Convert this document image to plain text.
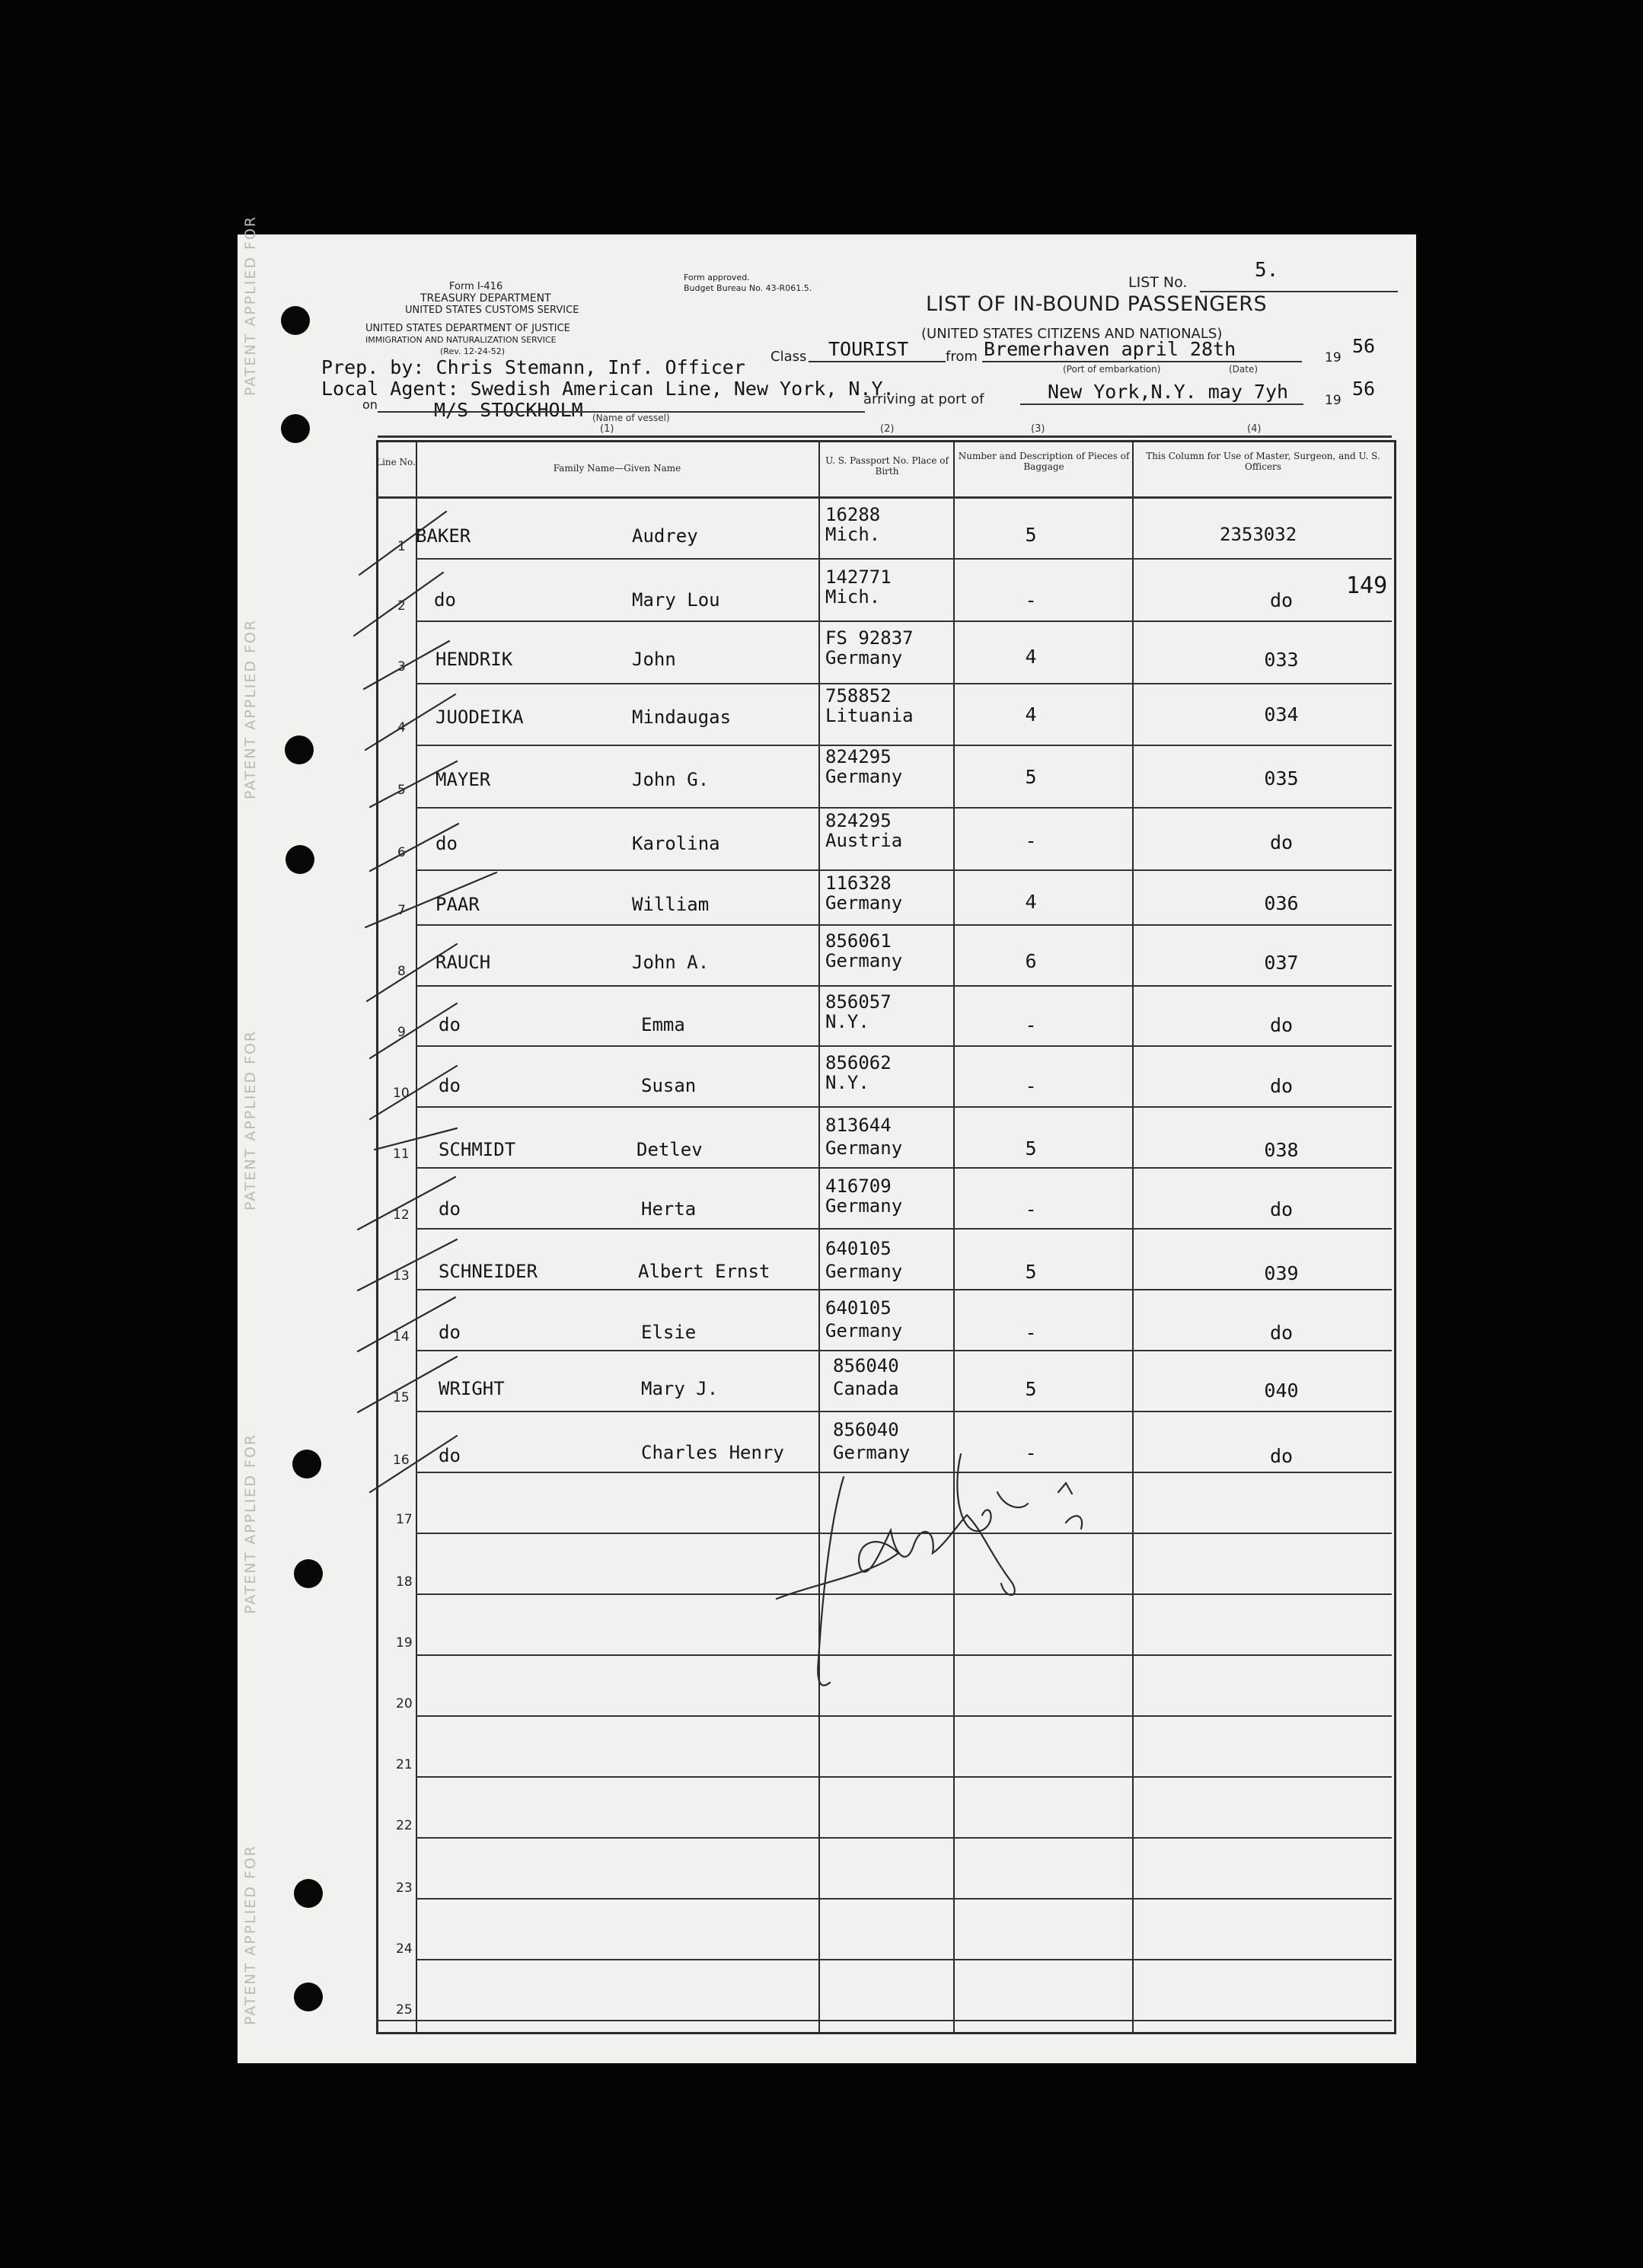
PATENT APPLIED FOR
PATENT APPLIED FOR
PATENT APPLIED FOR
PATENT APPLIED FOR
PATENT APPLIED FOR
Form I-416
TREASURY DEPARTMENT
UNITED STATES CUSTOMS SERVICE
UNITED STATES DEPARTMENT OF JUSTICE
IMMIGRATION AND NATURALIZATION SERVICE
(Rev. 12-24-52)
Form approved.
Budget Bureau No. 43-R061.5.	LIST No.
5.
LIST OF IN-BOUND PASSENGERS
(UNITED STATES CITIZENS AND NATIONALS)
Prep. by: Chris Stemann, Inf. Officer Class TOURIST	from Bremerhaven april 28th	19
56
(Port of embarkation)	(Date)
Local Agent: Swedish American Line, New York, N.Y.
arriving at port of	New York,N.Y. may 7yh	19
56
on	M/S STOCKHOLM (Name of vessel)
(1)	(2)	(3)	(4)
Line No.
Family Name—Given Name
U. S. Passport No. Place of Birth
Number and Description of Pieces of Baggage
This Column for Use of Master, Surgeon, and U. S. Officers
1 BAKER	Audrey
16288
Mich.	5	2353032
2 do	Mary Lou
142771
Mich.	-	do
149
3 HENDRIK	John
FS 92837
Germany	4	033
4 JUODEIKA	Mindaugas
758852
Lituania	4	034
5 MAYER	John G.
824295
Germany	5	035
6 do	Karolina
824295
Austria	-	do
7 PAAR	William
116328
Germany	4	036
8 RAUCH	John A.
856061
Germany	6	037
9 do	Emma
856057
N.Y.	-	do
10 do	Susan
856062
N.Y.	-	do
11 SCHMIDT	Detlev
813644
Germany	5	038
12 do	Herta
416709
Germany	-	do
13 SCHNEIDER	Albert Ernst
640105
Germany	5	039
14 do	Elsie
640105
Germany	-	do
15 WRIGHT	Mary J.
856040
Canada	5	040
16 do	Charles Henry
856040
Germany	-	do
17
18
19
20
21
22
23
24
25
